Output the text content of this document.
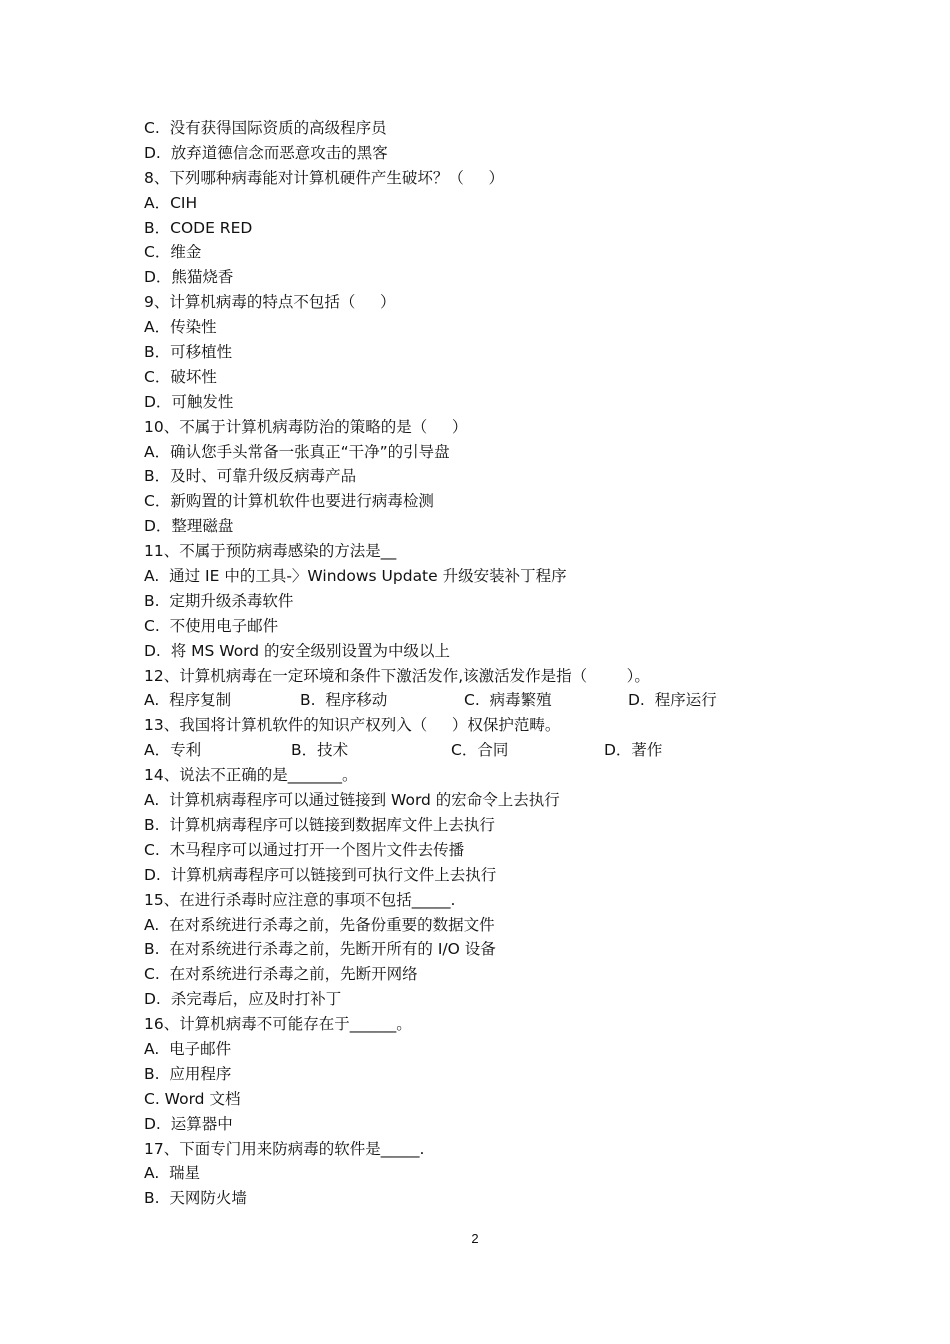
C.  没有获得国际资质的高级程序员
D.  放弃道德信念而恶意攻击的黑客
8、下列哪种病毒能对计算机硬件产生破坏？（     ）
A．CIH
B．CODE RED
C．维金
D．熊猫烧香
9、计算机病毒的特点不包括（     ）
A．传染性
B．可移植性
C．破坏性
D．可触发性
10、不属于计算机病毒防治的策略的是（     ）
A．确认您手头常备一张真正“干净”的引导盘
B．及时、可靠升级反病毒产品
C．新购置的计算机软件也要进行病毒检测
D．整理磁盘
11、不属于预防病毒感染的方法是__
A.  通过 IE 中的工具-〉Windows Update 升级安装补丁程序
B.  定期升级杀毒软件
C.  不使用电子邮件
D.  将 MS Word 的安全级别设置为中级以上
12、计算机病毒在一定环境和条件下激活发作,该激活发作是指（        ）。

A.  程序复制

	B.  程序移动

	C.  病毒繁殖

	D.  程序运行

13、我国将计算机软件的知识产权列入（     ）权保护范畴。

A．专利

	B．技术

	C．合同

	D．著作

14、说法不正确的是_______。
A.  计算机病毒程序可以通过链接到 Word 的宏命令上去执行
B.  计算机病毒程序可以链接到数据库文件上去执行
C.  木马程序可以通过打开一个图片文件去传播
D.  计算机病毒程序可以链接到可执行文件上去执行
15、在进行杀毒时应注意的事项不包括_____.
A.  在对系统进行杀毒之前，先备份重要的数据文件
B.  在对系统进行杀毒之前，先断开所有的 I/O 设备
C.  在对系统进行杀毒之前，先断开网络
D.  杀完毒后，应及时打补丁
16、计算机病毒不可能存在于______。
A.  电子邮件
B.  应用程序
C. Word 文档
D.  运算器中
17、下面专门用来防病毒的软件是_____.
A.  瑞星
B.  天网防火墙
2
